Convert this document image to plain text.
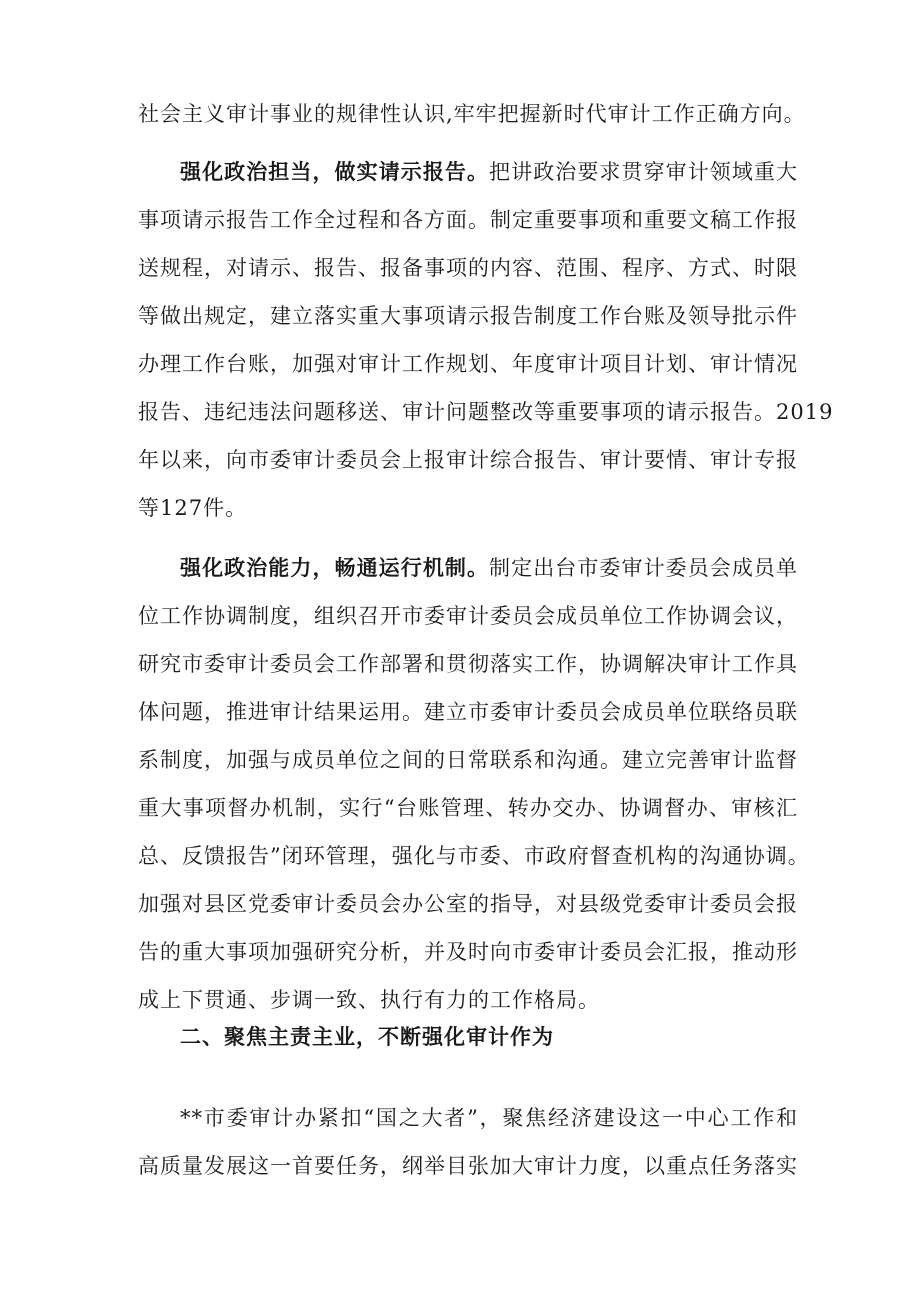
社会主义审计事业的规律性认识,牢牢把握新时代审计工作正确方向。

强化政治担当，做实请示报告。把讲政治要求贯穿审计领域重大
事项请示报告工作全过程和各方面。制定重要事项和重要文稿工作报
送规程，对请示、报告、报备事项的内容、范围、程序、方式、时限
等做出规定，建立落实重大事项请示报告制度工作台账及领导批示件
办理工作台账，加强对审计工作规划、年度审计项目计划、审计情况
报告、违纪违法问题移送、审计问题整改等重要事项的请示报告。2019
年以来，向市委审计委员会上报审计综合报告、审计要情、审计专报
等127件。

强化政治能力，畅通运行机制。制定出台市委审计委员会成员单
位工作协调制度，组织召开市委审计委员会成员单位工作协调会议，
研究市委审计委员会工作部署和贯彻落实工作，协调解决审计工作具
体问题，推进审计结果运用。建立市委审计委员会成员单位联络员联
系制度，加强与成员单位之间的日常联系和沟通。建立完善审计监督
重大事项督办机制，实行“台账管理、转办交办、协调督办、审核汇
总、反馈报告”闭环管理，强化与市委、市政府督查机构的沟通协调。
加强对县区党委审计委员会办公室的指导，对县级党委审计委员会报
告的重大事项加强研究分析，并及时向市委审计委员会汇报，推动形
成上下贯通、步调一致、执行有力的工作格局。

二、聚焦主责主业，不断强化审计作为

**市委审计办紧扣“国之大者”，聚焦经济建设这一中心工作和
高质量发展这一首要任务，纲举目张加大审计力度，以重点任务落实
